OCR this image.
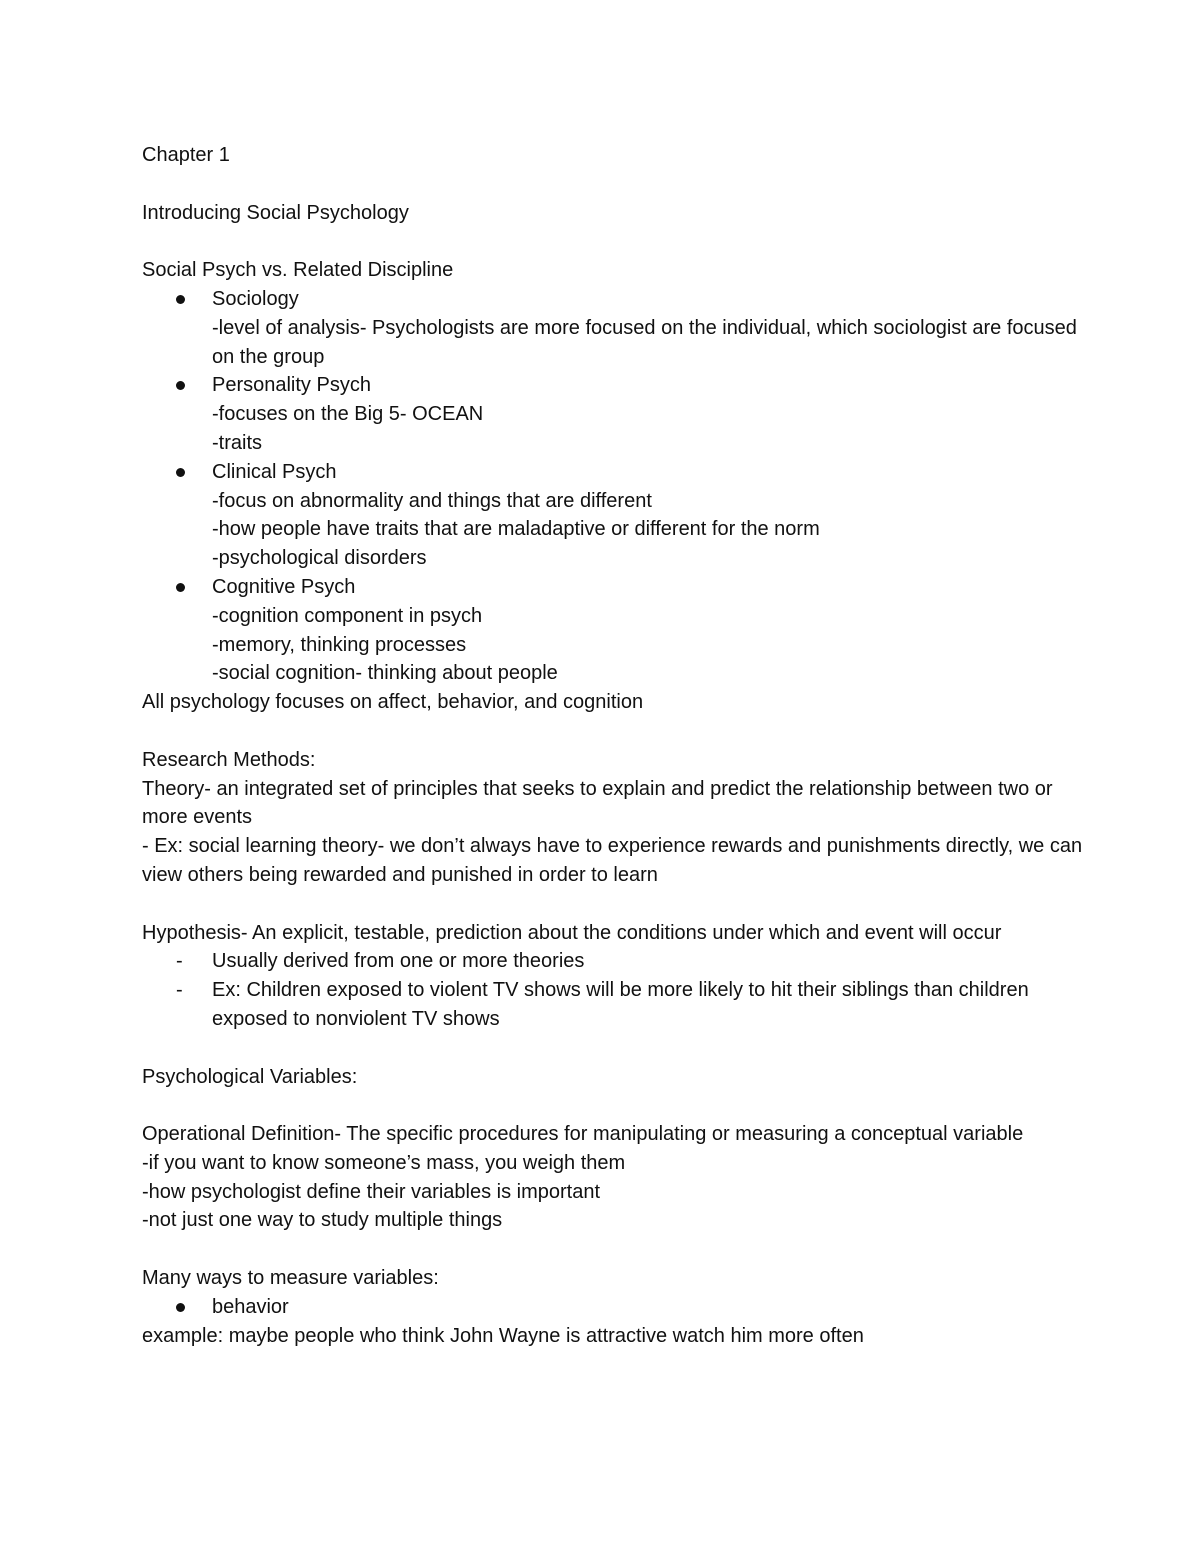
Chapter 1
Introducing Social Psychology
Social Psych vs. Related Discipline
Sociology
-level of analysis- Psychologists are more focused on the individual, which sociologist are focused on the group
Personality Psych
-focuses on the Big 5- OCEAN
-traits
Clinical Psych
-focus on abnormality and things that are different
-how people have traits that are maladaptive or different for the norm
-psychological disorders
Cognitive Psych
-cognition component in psych
-memory, thinking processes
-social cognition- thinking about people
All psychology focuses on affect, behavior, and cognition
Research Methods:
Theory- an integrated set of principles that seeks to explain and predict the relationship between two or more events
- Ex: social learning theory- we don’t always have to experience rewards and punishments directly, we can view others being rewarded and punished in order to learn
Hypothesis- An explicit, testable, prediction about the conditions under which and event will occur
- Usually derived from one or more theories
- Ex: Children exposed to violent TV shows will be more likely to hit their siblings than children exposed to nonviolent TV shows
Psychological Variables:
Operational Definition- The specific procedures for manipulating or measuring a conceptual variable
-if you want to know someone’s mass, you weigh them
-how psychologist define their variables is important
-not just one way to study multiple things
Many ways to measure variables:
behavior
example: maybe people who think John Wayne is attractive watch him more often
